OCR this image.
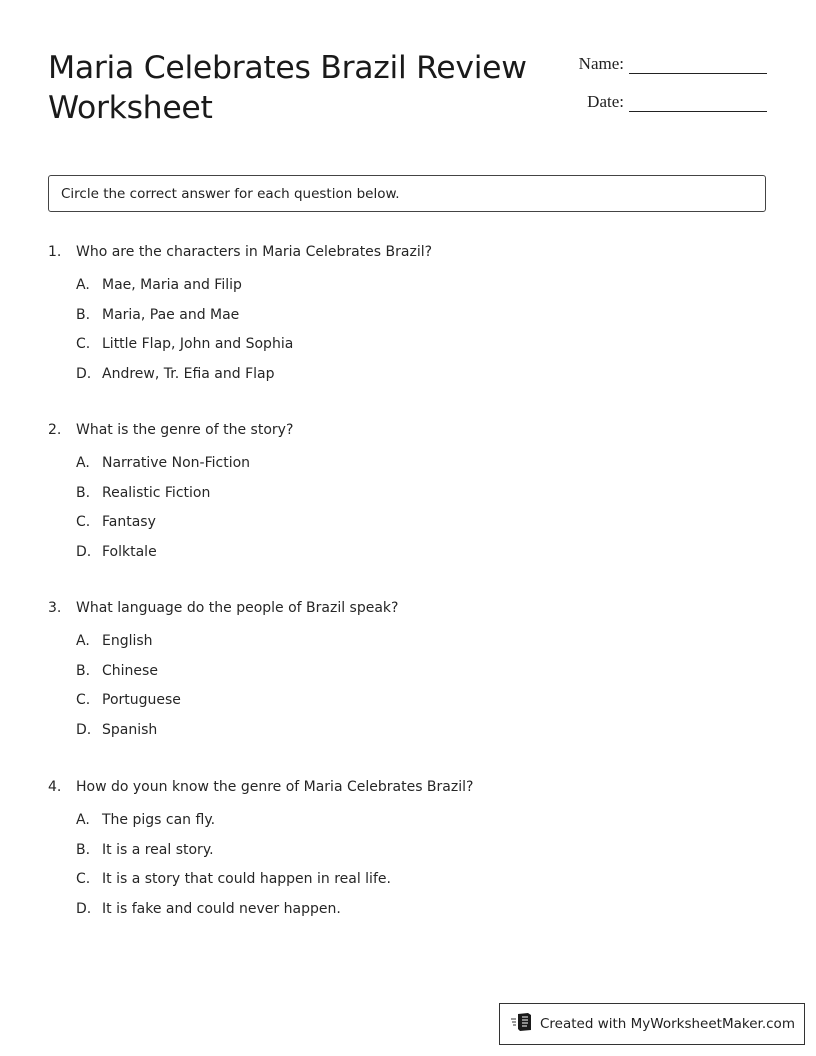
Maria Celebrates Brazil Review Worksheet
Name:
Date:
Circle the correct answer for each question below.
1.	Who are the characters in Maria Celebrates Brazil?
A. Mae, Maria and Filip
B. Maria, Pae and Mae
C. Little Flap, John and Sophia
D. Andrew, Tr. Efia and Flap
2.	What is the genre of the story?
A. Narrative Non-Fiction
B. Realistic Fiction
C. Fantasy
D. Folktale
3.	What language do the people of Brazil speak?
A. English
B. Chinese
C. Portuguese
D. Spanish
4.	How do youn know the genre of Maria Celebrates Brazil?
A. The pigs can fly.
B. It is a real story.
C. It is a story that could happen in real life.
D. It is fake and could never happen.
Created with MyWorksheetMaker.com
